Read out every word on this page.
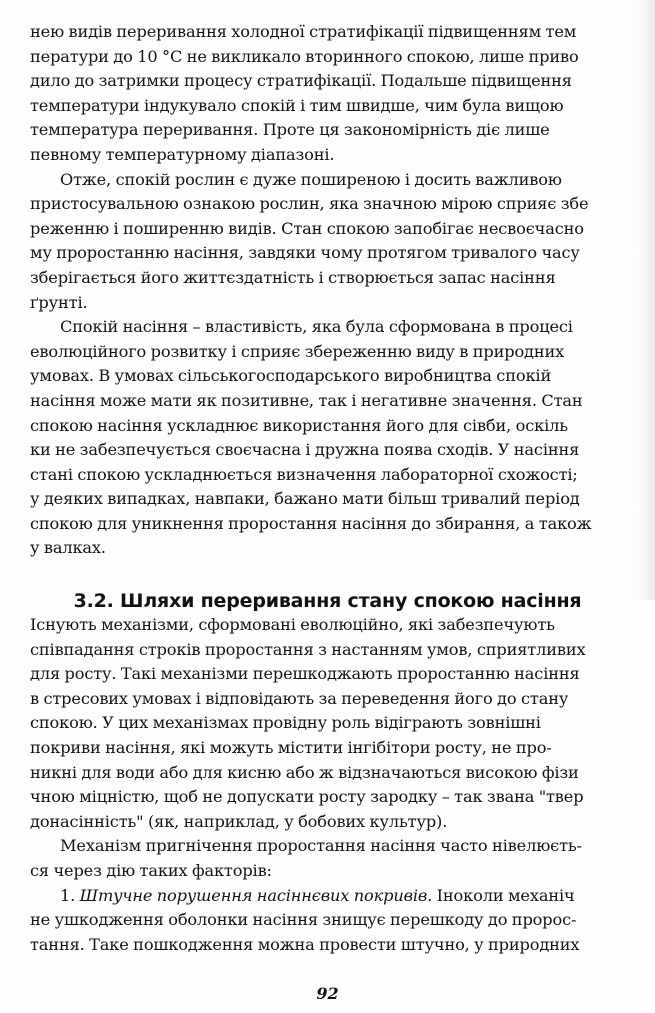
нею видів переривання холодної стратифікації підвищенням тем
ператури до 10 °С не викликало вторинного спокою, лише приво
дило до затримки процесу стратифікації. Подальше підвищення
температури індукувало спокій і тим швидше, чим була вищою
температура переривання. Проте ця закономірність діє лише
певному температурному діапазоні.
Отже, спокій рослин є дуже поширеною і досить важливою
пристосувальною ознакою рослин, яка значною мірою сприяє збе
реженню і поширенню видів. Стан спокою запобігає несвоєчасно
му проростанню насіння, завдяки чому протягом тривалого часу
зберігається його життєздатність і створюється запас насіння
ґрунті.
Спокій насіння – властивість, яка була сформована в процесі
еволюційного розвитку і сприяє збереженню виду в природних
умовах. В умовах сільськогосподарського виробництва спокій
насіння може мати як позитивне, так і негативне значення. Стан
спокою насіння ускладнює використання його для сівби, оскіль
ки не забезпечується своєчасна і дружна поява сходів. У насіння
стані спокою ускладнюється визначення лабораторної схожості;
у деяких випадках, навпаки, бажано мати більш тривалий період
спокою для уникнення проростання насіння до збирання, а також
у валках.
3.2. Шляхи переривання стану спокою насіння
Існують механізми, сформовані еволюційно, які забезпечують
співпадання строків проростання з настанням умов, сприятливих
для росту. Такі механізми перешкоджають проростанню насіння
в стресових умовах і відповідають за переведення його до стану
спокою. У цих механізмах провідну роль відіграють зовнішні
покриви насіння, які можуть містити інгібітори росту, не про-
никні для води або для кисню або ж відзначаються високою фізи
чною міцністю, щоб не допускати росту зародку – так звана "твер
донасінність" (як, наприклад, у бобових культур).
Механізм пригнічення проростання насіння часто нівелюєть-
ся через дію таких факторів:
1. Штучне порушення насіннєвих покривів. Іноколи механіч
не ушкодження оболонки насіння знищує перешкоду до пророс-
тання. Таке пошкодження можна провести штучно, у природних
92
